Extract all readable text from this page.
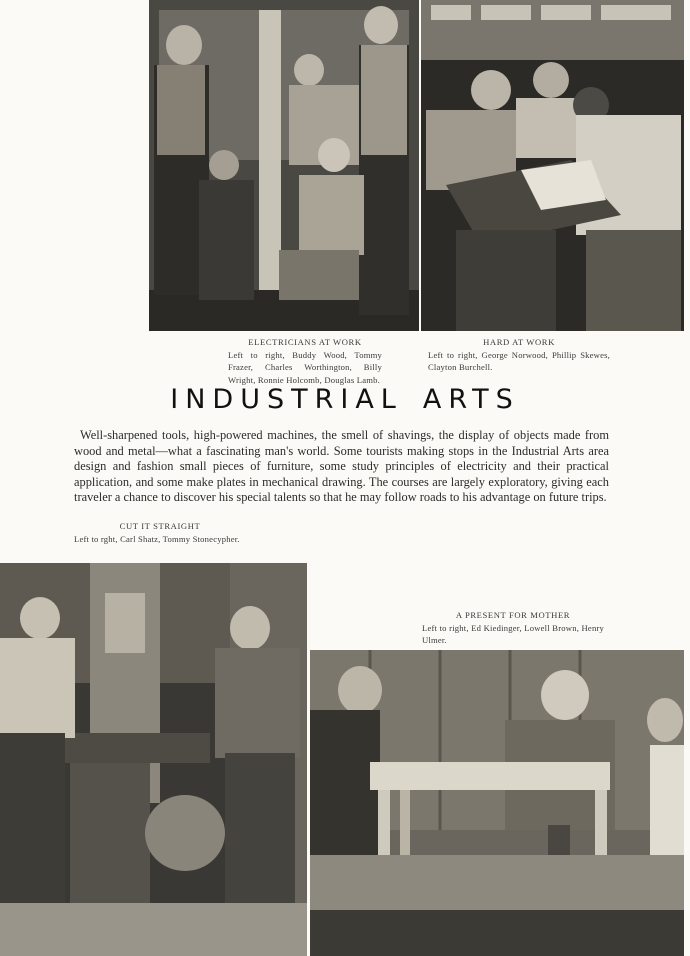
ELECTRICIANS AT WORK
Left to right, Buddy Wood, Tommy Frazer, Charles Worthington, Billy Wright, Ronnie Holcomb, Douglas Lamb.
HARD AT WORK
Left to right, George Norwood, Phillip Skewes, Clayton Burchell.
INDUSTRIAL ARTS

Well-sharpened tools, high-powered machines, the smell of shavings, the display of objects made from wood and metal—what a fascinating man's world. Some tourists making stops in the Industrial Arts area design and fashion small pieces of furniture, some study principles of electricity and their practical application, and some make plates in mechanical drawing. The courses are largely exploratory, giving each traveler a chance to discover his special talents so that he may follow roads to his advantage on future trips.

CUT IT STRAIGHT
Left to rght, Carl Shatz, Tommy Stonecypher.
A PRESENT FOR MOTHER
Left to right, Ed Kiedinger, Lowell Brown, Henry Ulmer.
